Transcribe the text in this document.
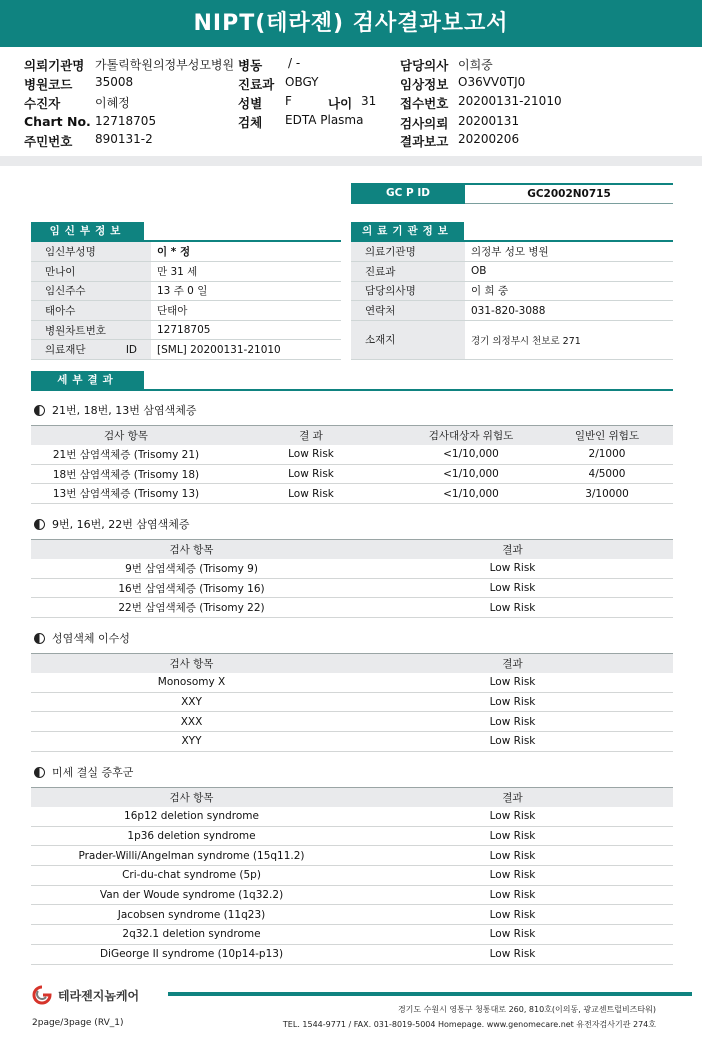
NIPT(테라젠) 검사결과보고서
의뢰기관명 가톨릭학원의정부성모병원 병동 / -	담당의사 이희중
병원코드 35008	진료과 OBGY	임상정보 O36VV0TJ0
수진자	이혜정	성별 F	나이 31 접수번호 20200131-21010
Chart No. 12718705	검체 EDTA Plasma	검사의뢰 20200131
주민번호 890131-2	결과보고 20200206
GC P ID	GC2002N0715
임신부정보
임신부성명	이 * 정
만나이	만 31 세
임신주수	13 주 0 일
태아수	단태아
병원차트번호	12718705
의료재단 ID	[SML] 20200131-21010
의료기관정보
의료기관명	의정부 성모 병원
진료과	OB
담당의사명	이 희 중
연락처	031-820-3088
소재지	경기 의정부시 천보로 271
세부결과
21번, 18번, 13번 삼염색체증
검사 항목	결 과	검사대상자 위험도	일반인 위험도
21번 삼염색체증 (Trisomy 21)	Low Risk	<1/10,000	2/1000
18번 삼염색체증 (Trisomy 18)	Low Risk	<1/10,000	4/5000
13번 삼염색체증 (Trisomy 13)	Low Risk	<1/10,000	3/10000
9번, 16번, 22번 삼염색체증
검사 항목	결과
9번 삼염색체증 (Trisomy 9)	Low Risk
16번 삼염색체증 (Trisomy 16)	Low Risk
22번 삼염색체증 (Trisomy 22)	Low Risk
성염색체 이수성
검사 항목	결과
Monosomy X	Low Risk
XXY	Low Risk
XXX	Low Risk
XYY	Low Risk
미세 결실 증후군
검사 항목	결과
16p12 deletion syndrome	Low Risk
1p36 deletion syndrome	Low Risk
Prader-Willi/Angelman syndrome (15q11.2)	Low Risk
Cri-du-chat syndrome (5p)	Low Risk
Van der Woude syndrome (1q32.2)	Low Risk
Jacobsen syndrome (11q23)	Low Risk
2q32.1 deletion syndrome	Low Risk
DiGeorge II syndrome (10p14-p13)	Low Risk
테라젠지놈케어
경기도 수원시 영통구 청통대로 260, 810호(이의동, 광교센트럴비즈타워)
TEL. 1544-9771 / FAX. 031-8019-5004 Homepage. www.genomecare.net 유전자검사기관 274호
2page/3page (RV_1)
